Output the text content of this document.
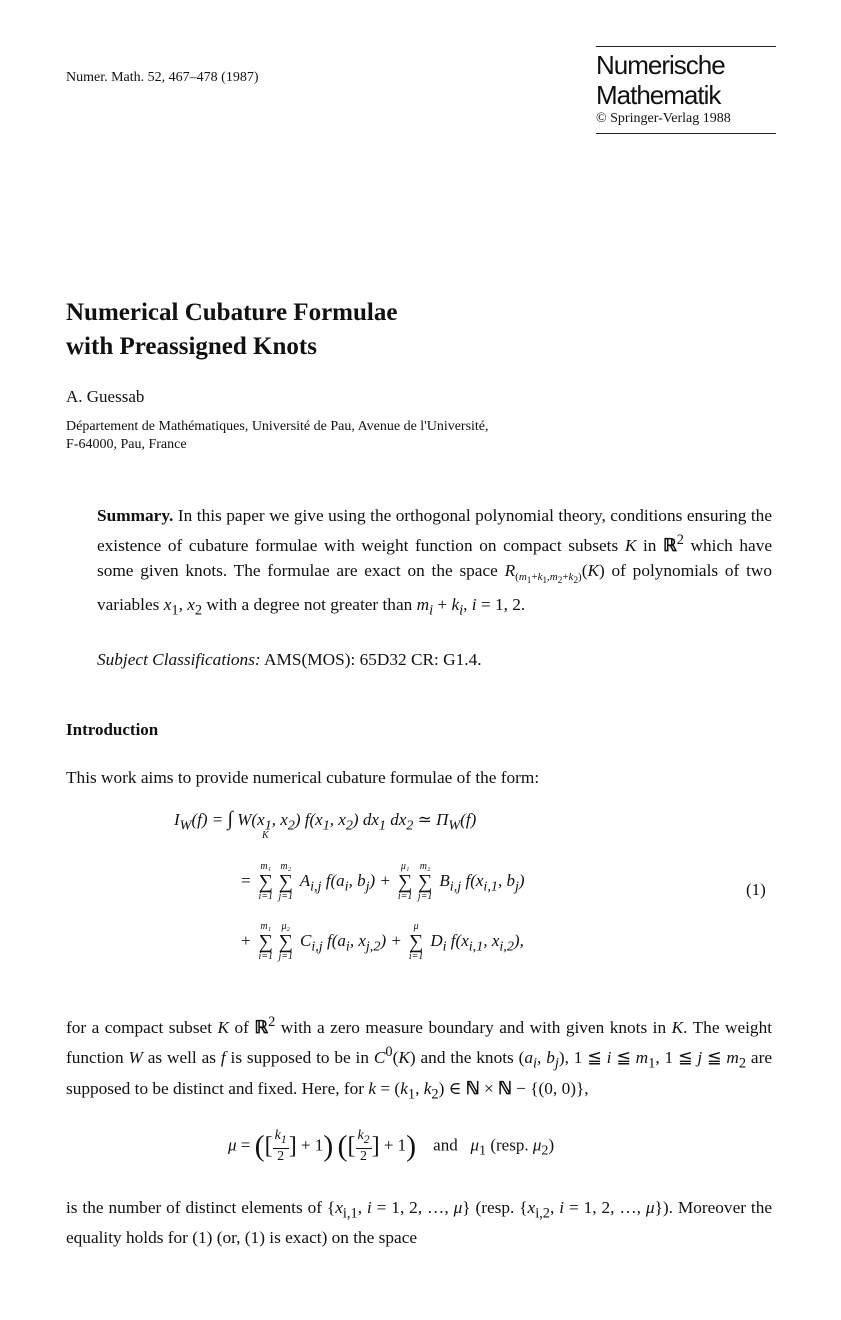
Numer. Math. 52, 467–478 (1987)	Numerische
Mathematik
© Springer-Verlag 1988
Numerical Cubature Formulae
with Preassigned Knots
A. Guessab
Département de Mathématiques, Université de Pau, Avenue de l'Université,
F-64000, Pau, France
Summary. In this paper we give using the orthogonal polynomial theory, conditions ensuring the existence of cubature formulae with weight function on compact subsets K in ℝ$^2$ which have some given knots. The formulae are exact on the space $R_{(m_1+k_1,m_2+k_2)}(K)$ of polynomials of two variables $x_1$, $x_2$ with a degree not greater than $m_i + k_i$, i = 1, 2.
Subject Classifications: AMS(MOS): 65D32 CR: G1.4.
Introduction
This work aims to provide numerical cubature formulae of the form:
$I_W(f)$ = ∫ $W(x_1$, $x_2$) $f(x_1$, $x_2$) $dx_1$ $dx_2$ ≃ $\Pi_W(f)$
K
=
m₁
∑
i=1
m₂
∑
j=1
$A_{i,j}$ $f(a_i$, $b_j$) +
μ₁
∑
i=1
m₂
∑
j=1
$B_{i,j}$ $f(x_{i,1}$, $b_j$)	(1)
+
m₁
∑
i=1
μ₂
∑
j=1
$C_{i,j}$ $f(a_i$, $x_{j,2}$) +
μ
∑
i=1
$D_i$ $f(x_{i,1}$, $x_{i,2}$),
for a compact subset K of ℝ$^2$ with a zero measure boundary and with given knots in K. The weight function W as well as f is supposed to be in $C^0(K)$ and the knots ($a_i$, $b_j$), 1 ≦ i ≦ $m_1$, 1 ≦ j ≦ $m_2$ are supposed to be distinct and fixed. Here, for $k = (k_1$, $k_2$) ∈ ℕ × ℕ − {(0, 0)},
μ = ([ $\frac{k_1}{2}$ ] + 1) ([ $\frac{k_2}{2}$ ] + 1) and $\mu_1$ (resp. $\mu_2$)
is the number of distinct elements of {$x_{i,1}$, i = 1, 2, …, μ} (resp. {$x_{i,2}$, i = 1, 2, …, μ}). Moreover the equality holds for (1) (or, (1) is exact) on the space
